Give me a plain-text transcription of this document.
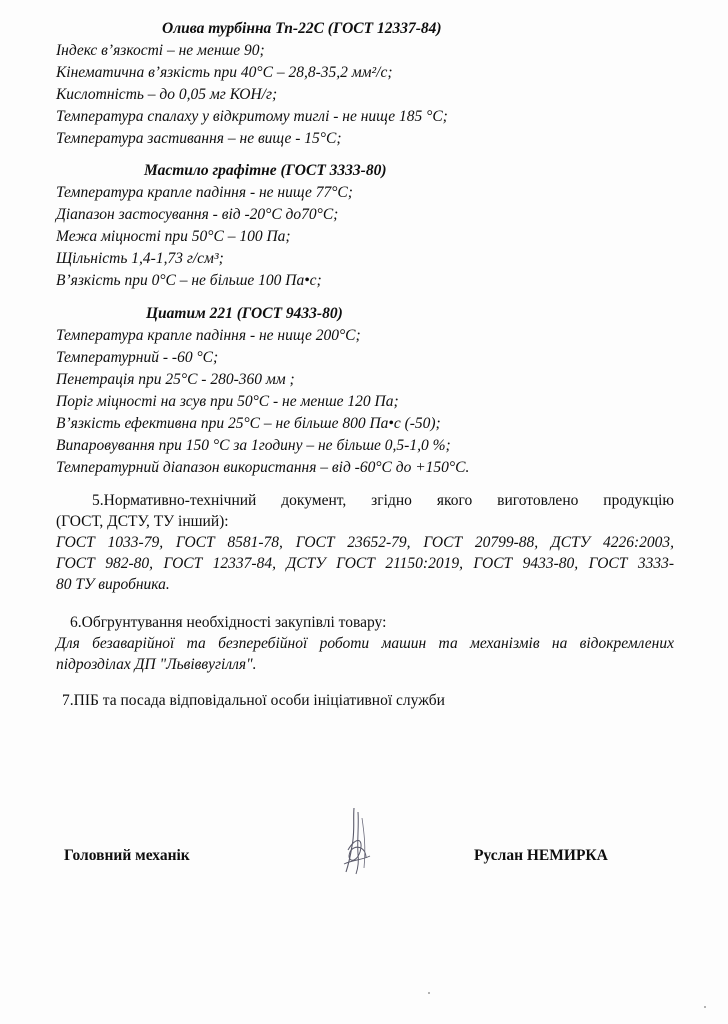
Олива турбінна Тп-22С (ГОСТ 12337-84)
Індекс в’язкості – не менше 90;
Кінематична в’язкість при 40°С – 28,8-35,2 мм²/с;
Кислотність – до 0,05 мг КОН/г;
Температура спалаху у відкритому тиглі - не нище 185 °С;
Температура застивання – не вище - 15°С;
Мастило графітне (ГОСТ 3333-80)
Температура крапле падіння - не нище 77°С;
Діапазон застосування - від -20°С до70°С;
Межа міцності при 50°С – 100 Па;
Щільність 1,4-1,73 г/см³;
В’язкість при 0°С – не більше 100 Па•с;
Циатим 221 (ГОСТ 9433-80)
Температура крапле падіння - не нище 200°С;
Температурний - -60 °С;
Пенетрація при 25°С - 280-360 мм ;
Поріг міцності на зсув при 50°С - не менше 120 Па;
В’язкість ефективна при 25°С – не більше 800 Па•с (-50);
Випаровування при 150 °С за 1годину – не більше 0,5-1,0 %;
Температурний діапазон використання – від -60°С до +150°С.
5.Нормативно-технічний документ, згідно якого виготовлено продукцію
(ГОСТ, ДСТУ, ТУ інший):
ГОСТ 1033-79, ГОСТ 8581-78, ГОСТ 23652-79, ГОСТ 20799-88, ДСТУ 4226:2003,
ГОСТ 982-80, ГОСТ 12337-84, ДСТУ ГОСТ 21150:2019, ГОСТ 9433-80, ГОСТ 3333-
80 ТУ виробника.
6.Обгрунтування необхідності закупівлі товару:
Для безаварійної та безперебійної роботи машин та механізмів на відокремлених
підрозділах ДП "Львіввугілля".
7.ПІБ та посада відповідальної особи ініціативної служби
Головний механік	Руслан НЕМИРКА
